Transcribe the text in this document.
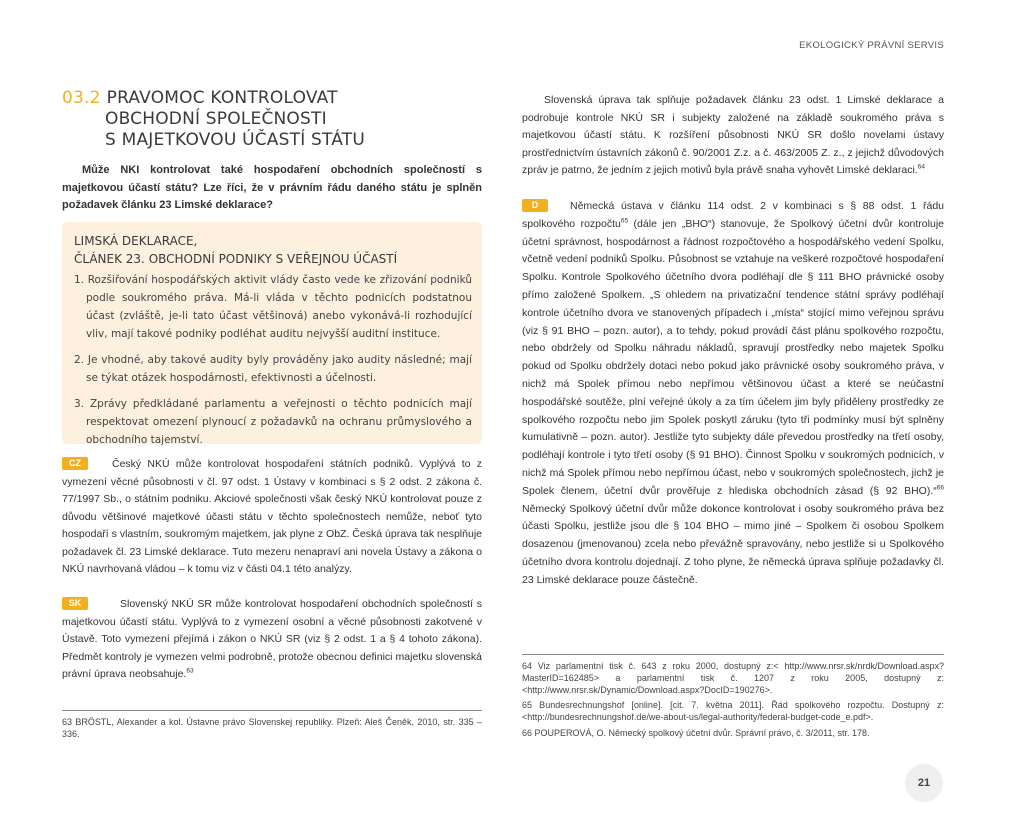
EKOLOGICKÝ PRÁVNÍ SERVIS
03.2 PRAVOMOC KONTROLOVAT
OBCHODNÍ SPOLEČNOSTI
S MAJETKOVOU ÚČASTÍ STÁTU
Může NKI kontrolovat také hospodaření obchodních společností s majetkovou účastí státu? Lze říci, že v právním řádu daného státu je splněn požadavek článku 23 Limské deklarace?
LIMSKÁ DEKLARACE,
ČLÁNEK 23. OBCHODNÍ PODNIKY S VEŘEJNOU ÚČASTÍ
1. Rozšiřování hospodářských aktivit vlády často vede ke zřizování podniků podle soukromého práva. Má-li vláda v těchto podnicích podstatnou účast (zvláště, je-li tato účast většinová) anebo vykonává-li rozhodující vliv, mají takové podniky podléhat auditu nejvyšší auditní instituce.
2. Je vhodné, aby takové audity byly prováděny jako audity následné; mají se týkat otázek hospodárnosti, efektivnosti a účelnosti.
3. Zprávy předkládané parlamentu a veřejnosti o těchto podnicích mají respektovat omezení plynoucí z požadavků na ochranu průmyslového a obchodního tajemství.
CZ	Český NKÚ může kontrolovat hospodaření státních podniků. Vyplývá to z vymezení věcné působnosti v čl. 97 odst. 1 Ústavy v kombinaci s § 2 odst. 2 zákona č. 77/1997 Sb., o státním podniku. Akciové společnosti však český NKÚ kontrolovat pouze z důvodu většinové majetkové účasti státu v těchto společnostech nemůže, neboť tyto hospodaří s vlastním, soukromým majetkem, jak plyne z ObZ. Česká úprava tak nesplňuje požadavek čl. 23 Limské deklarace. Tuto mezeru nenapraví ani novela Ústavy a zákona o NKÚ navrhovaná vládou – k tomu viz v části 04.1 této analýzy.
SK	Slovenský NKÚ SR může kontrolovat hospodaření obchodních společností s majetkovou účastí státu. Vyplývá to z vymezení osobní a věcné působnosti zakotvené v Ústavě. Toto vymezení přejímá i zákon o NKÚ SR (viz § 2 odst. 1 a § 4 tohoto zákona). Předmět kontroly je vymezen velmi podrobně, protože obecnou definici majetku slovenská právní úprava neobsahuje.$^{63}$
63 BRÖSTL, Alexander a kol. Ústavne právo Slovenskej republiky. Plzeň: Aleš Čeněk, 2010, str. 335 – 336.
Slovenská úprava tak splňuje požadavek článku 23 odst. 1 Limské deklarace a podrobuje kontrole NKÚ SR i subjekty založené na základě soukromého práva s majetkovou účastí státu. K rozšíření působnosti NKÚ SR došlo novelami ústavy prostřednictvím ústavních zákonů č. 90/2001 Z.z. a č. 463/2005 Z. z., z jejichž důvodových zpráv je patrno, že jedním z jejich motivů byla právě snaha vyhovět Limské deklaraci.$^{64}$
D	Německá ústava v článku 114 odst. 2 v kombinaci s § 88 odst. 1 řádu spolkového rozpočtu$^{65}$ (dále jen „BHO“) stanovuje, že Spolkový účetní dvůr kontroluje účetní správnost, hospodárnost a řádnost rozpočtového a hospodářského vedení Spolku, včetně vedení podniků Spolku. Působnost se vztahuje na veškeré rozpočtové hospodaření Spolku. Kontrole Spolkového účetního dvora podléhají dle § 111 BHO právnické osoby přímo založené Spolkem. „S ohledem na privatizační tendence státní správy podléhají kontrole účetního dvora ve stanovených případech i „místa“ stojící mimo veřejnou správu (viz § 91 BHO – pozn. autor), a to tehdy, pokud provádí část plánu spolkového rozpočtu, nebo obdržely od Spolku náhradu nákladů, spravují prostředky nebo majetek Spolku pokud od Spolku obdržely dotaci nebo pokud jako právnické osoby soukromého práva, v nichž má Spolek přímou nebo nepřímou většinovou účast a které se neúčastní hospodářské soutěže, plní veřejné úkoly a za tím účelem jim byly přiděleny prostředky ze spolkového rozpočtu nebo jim Spolek poskytl záruku (tyto tři podmínky musí být splněny kumulativně – pozn. autor). Jestliže tyto subjekty dále převedou prostředky na třetí osoby, podléhají kontrole i tyto třetí osoby (§ 91 BHO). Činnost Spolku v soukromých podnicích, v nichž má Spolek přímou nebo nepřímou účast, nebo v soukromých společnostech, jichž je Spolek členem, účetní dvůr prověřuje z hlediska obchodních zásad (§ 92 BHO).“$^{66}$ Německý Spolkový účetní dvůr může dokonce kontrolovat i osoby soukromého práva bez účasti Spolku, jestliže jsou dle § 104 BHO – mimo jiné – Spolkem či osobou Spolkem dosazenou (jmenovanou) zcela nebo převážně spravovány, nebo jestliže si u Spolkového účetního dvora kontrolu dojednají. Z toho plyne, že německá úprava splňuje požadavky čl. 23 Limské deklarace pouze částečně.
64 Viz parlamentní tisk č. 643 z roku 2000, dostupný z:< http://www.nrsr.sk/nrdk/Download.aspx?MasterID=162485> a parlamentní tisk č. 1207 z roku 2005, dostupný z: <http://www.nrsr.sk/Dynamic/Download.aspx?DocID=190276>.
65 Bundesrechnungshof [online]. [cit. 7. května 2011]. Řád spolkového rozpočtu. Dostupný z: <http://bundesrechnungshof.de/we-about-us/legal-authority/federal-budget-code_e.pdf>.
66 POUPEROVÁ, O. Německý spolkový účetní dvůr. Správní právo, č. 3/2011, str. 178.
21
